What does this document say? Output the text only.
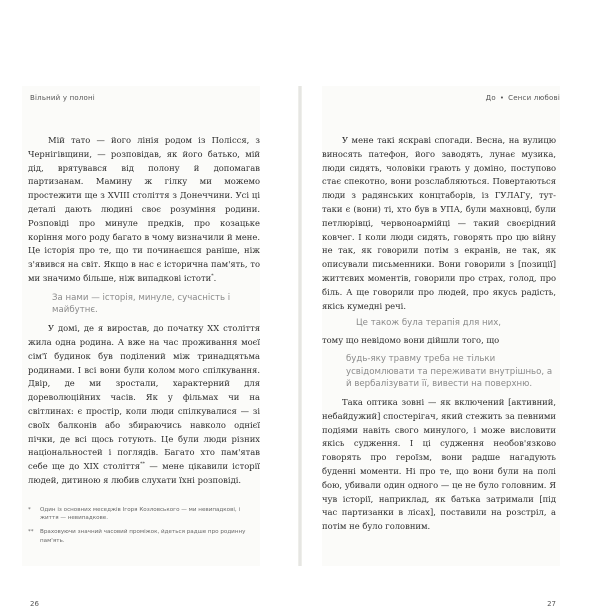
Вільний у полоні

Мій тато — його лінія родом із Полісся, з Чернігівщини, — розповідав, як його батько, мій дід, врятувався від полону й допомагав партизанам. Мамину ж гілку ми можемо простежити ще з XVIII століття з Донеччини. Усі ці деталі дають людині своє розуміння родини. Розповіді про минуле предків, про козацьке коріння мого роду багато в чому визначили й мене. Це історія про те, що ти починаєшся раніше, ніж з'явився на світ. Якщо в нас є історична пам'ять, то ми значимо більше, ніж випадкові істоти*.

За нами — історія, минуле, сучасність і майбутнє.

У домі, де я виростав, до початку XX століття жила одна родина. А вже на час проживання моєї сім'ї будинок був поділений між тринадцятьма родинами. І всі вони були колом мого спілкування. Двір, де ми зростали, характерний для дореволюційних часів. Як у фільмах чи на світлинах: є простір, коли люди спілкувалися — зі своїх балконів або збираючись навколо однієї пічки, де всі щось готують. Це були люди різних національностей і поглядів. Багато хто пам'ятав себе ще до XIX століття** — мене цікавили історії людей, дитиною я любив слухати їхні розповіді.

*	Один із основних меседжів Ігоря Козловського — ми невипадкові, і життя — невипадкове.
**	Враховуючи значний часовий проміжок, йдеться радше про родинну пам'ять.
26
До • Сенси любові

У мене такі яскраві спогади. Весна, на вулицю виносять патефон, його заводять, лунає музика, люди сидять, чоловіки грають у доміно, поступово стає спекотно, вони розслабляються. Повертаються люди з радянських концтаборів, із ГУЛАГу, тут-таки є (вони) ті, хто був в УПА, були махновці, були петлюрівці, червоноармійці — такий своєрідний ковчег. І коли люди сидять, говорять про цю війну не так, як говорили потім з екранів, не так, як описували письменники. Вони говорили з [позиції] життєвих моментів, говорили про страх, голод, про біль. А ще говорили про людей, про якусь радість, якісь кумедні речі.

Це також була терапія для них,

тому що невідомо вони дійшли того, що

будь-яку травму треба не тільки усвідомлювати та переживати внутрішньо, а й вербалізувати її, вивести на поверхню.

Така оптика зовні — як включений [активний, небайдужий] спостерігач, який стежить за певними подіями навіть свого минулого, і може висловити якісь судження. І ці судження необов'язково говорять про героїзм, вони радше нагадують буденні моменти. Ні про те, що вони були на полі бою, убивали один одного — це не було головним. Я чув історії, наприклад, як батька затримали [під час партизанки в лісах], поставили на розстріл, а потім не було головним.

27
